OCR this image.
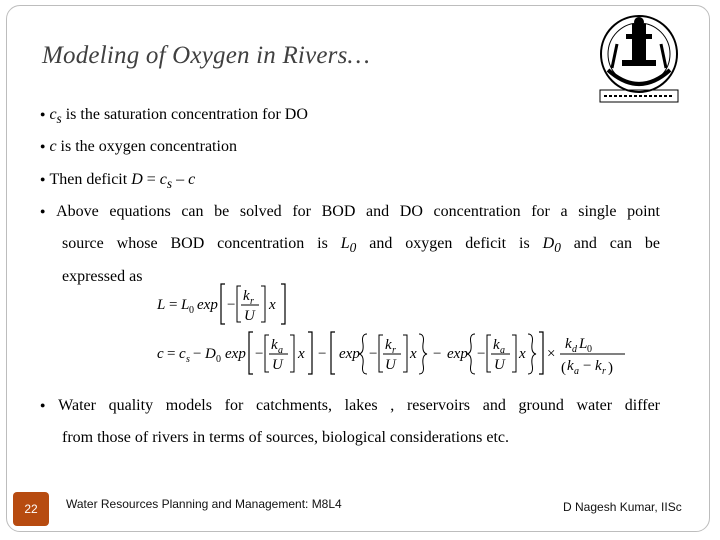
Modeling of Oxygen in Rivers…
● $c_s$ is the saturation concentration for DO
● c is the oxygen concentration
● Then deficit $D = c_s - c$
● Above equations can be solved for BOD and DO concentration for a single point
source whose BOD concentration is $L_0$ and oxygen deficit is $D_0$ and can be
expressed as
L = L 0 exp −
k r
U
x
c = c s − D 0 exp −
k a
U
x − exp −
k r
U
x − exp −
k a
U
x ×
k d L 0
( k a − k r )
● Water quality models for catchments, lakes , reservoirs and ground water differ
from those of rivers in terms of sources, biological considerations etc.
22	Water Resources Planning and Management: M8L4	D Nagesh Kumar, IISc
